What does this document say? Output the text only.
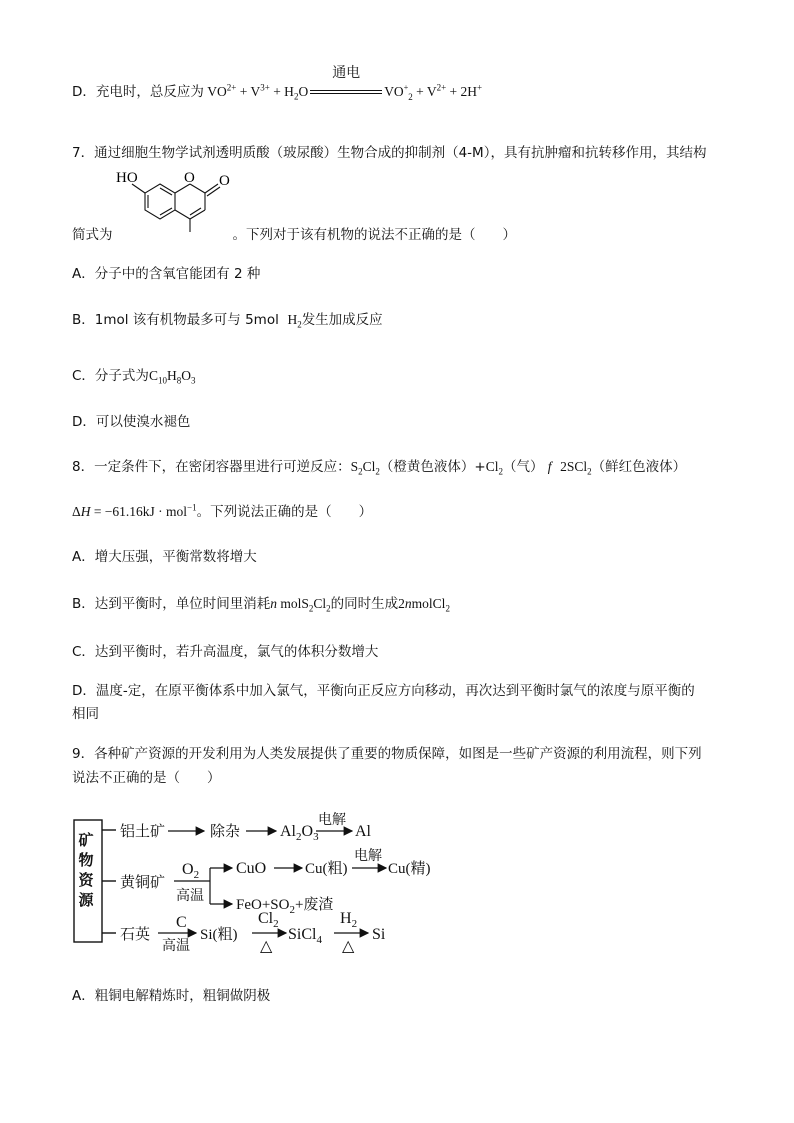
D．充电时，总反应为 $VO^{2+} + V^{3+} + H_2O$
通电
$VO_{+2} + V^{2+} + 2H^+$
7．通过细胞生物学试剂透明质酸（玻尿酸）生物合成的抑制剂（4-M），具有抗肿瘤和抗转移作用，其结构
HO	O O
简式为	。下列对于该有机物的说法不正确的是（　　）
A．分子中的含氧官能团有 2 种
B．1mol 该有机物最多可与 5mol $H_2$发生加成反应
C．分子式为$C_{10}H_8O_3$
D．可以使溴水褪色
8．一定条件下，在密闭容器里进行可逆反应：$S_2Cl_2$（橙黄色液体）$+Cl_2$（气） f 2SCl$_2$（鲜红色液体）
ΔH = −61.16kJ · mol$^{-1}$。下列说法正确的是（　　）
A．增大压强，平衡常数将增大
B．达到平衡时，单位时间里消耗n $molS_2Cl_2$的同时生成2nmolCl$_2$
C．达到平衡时，若升高温度，氯气的体积分数增大
D．温度-定，在原平衡体系中加入氯气，平衡向正反应方向移动，再次达到平衡时氯气的浓度与原平衡的
相同
9．各种矿产资源的开发利用为人类发展提供了重要的物质保障，如图是一些矿产资源的利用流程，则下列
说法不正确的是（　　）
铝土矿	除杂 $Al_2O_3$
电解
Al
黄铜矿
$O_2$
高温
CuO	Cu(粗)
电解
Cu(精)
$FeO+SO_2+$废渣
石英
C
高温
Si(粗)
$Cl_2$
△
SiCl$_4$
$H_2$
△
Si
矿物资源
A．粗铜电解精炼时，粗铜做阴极
